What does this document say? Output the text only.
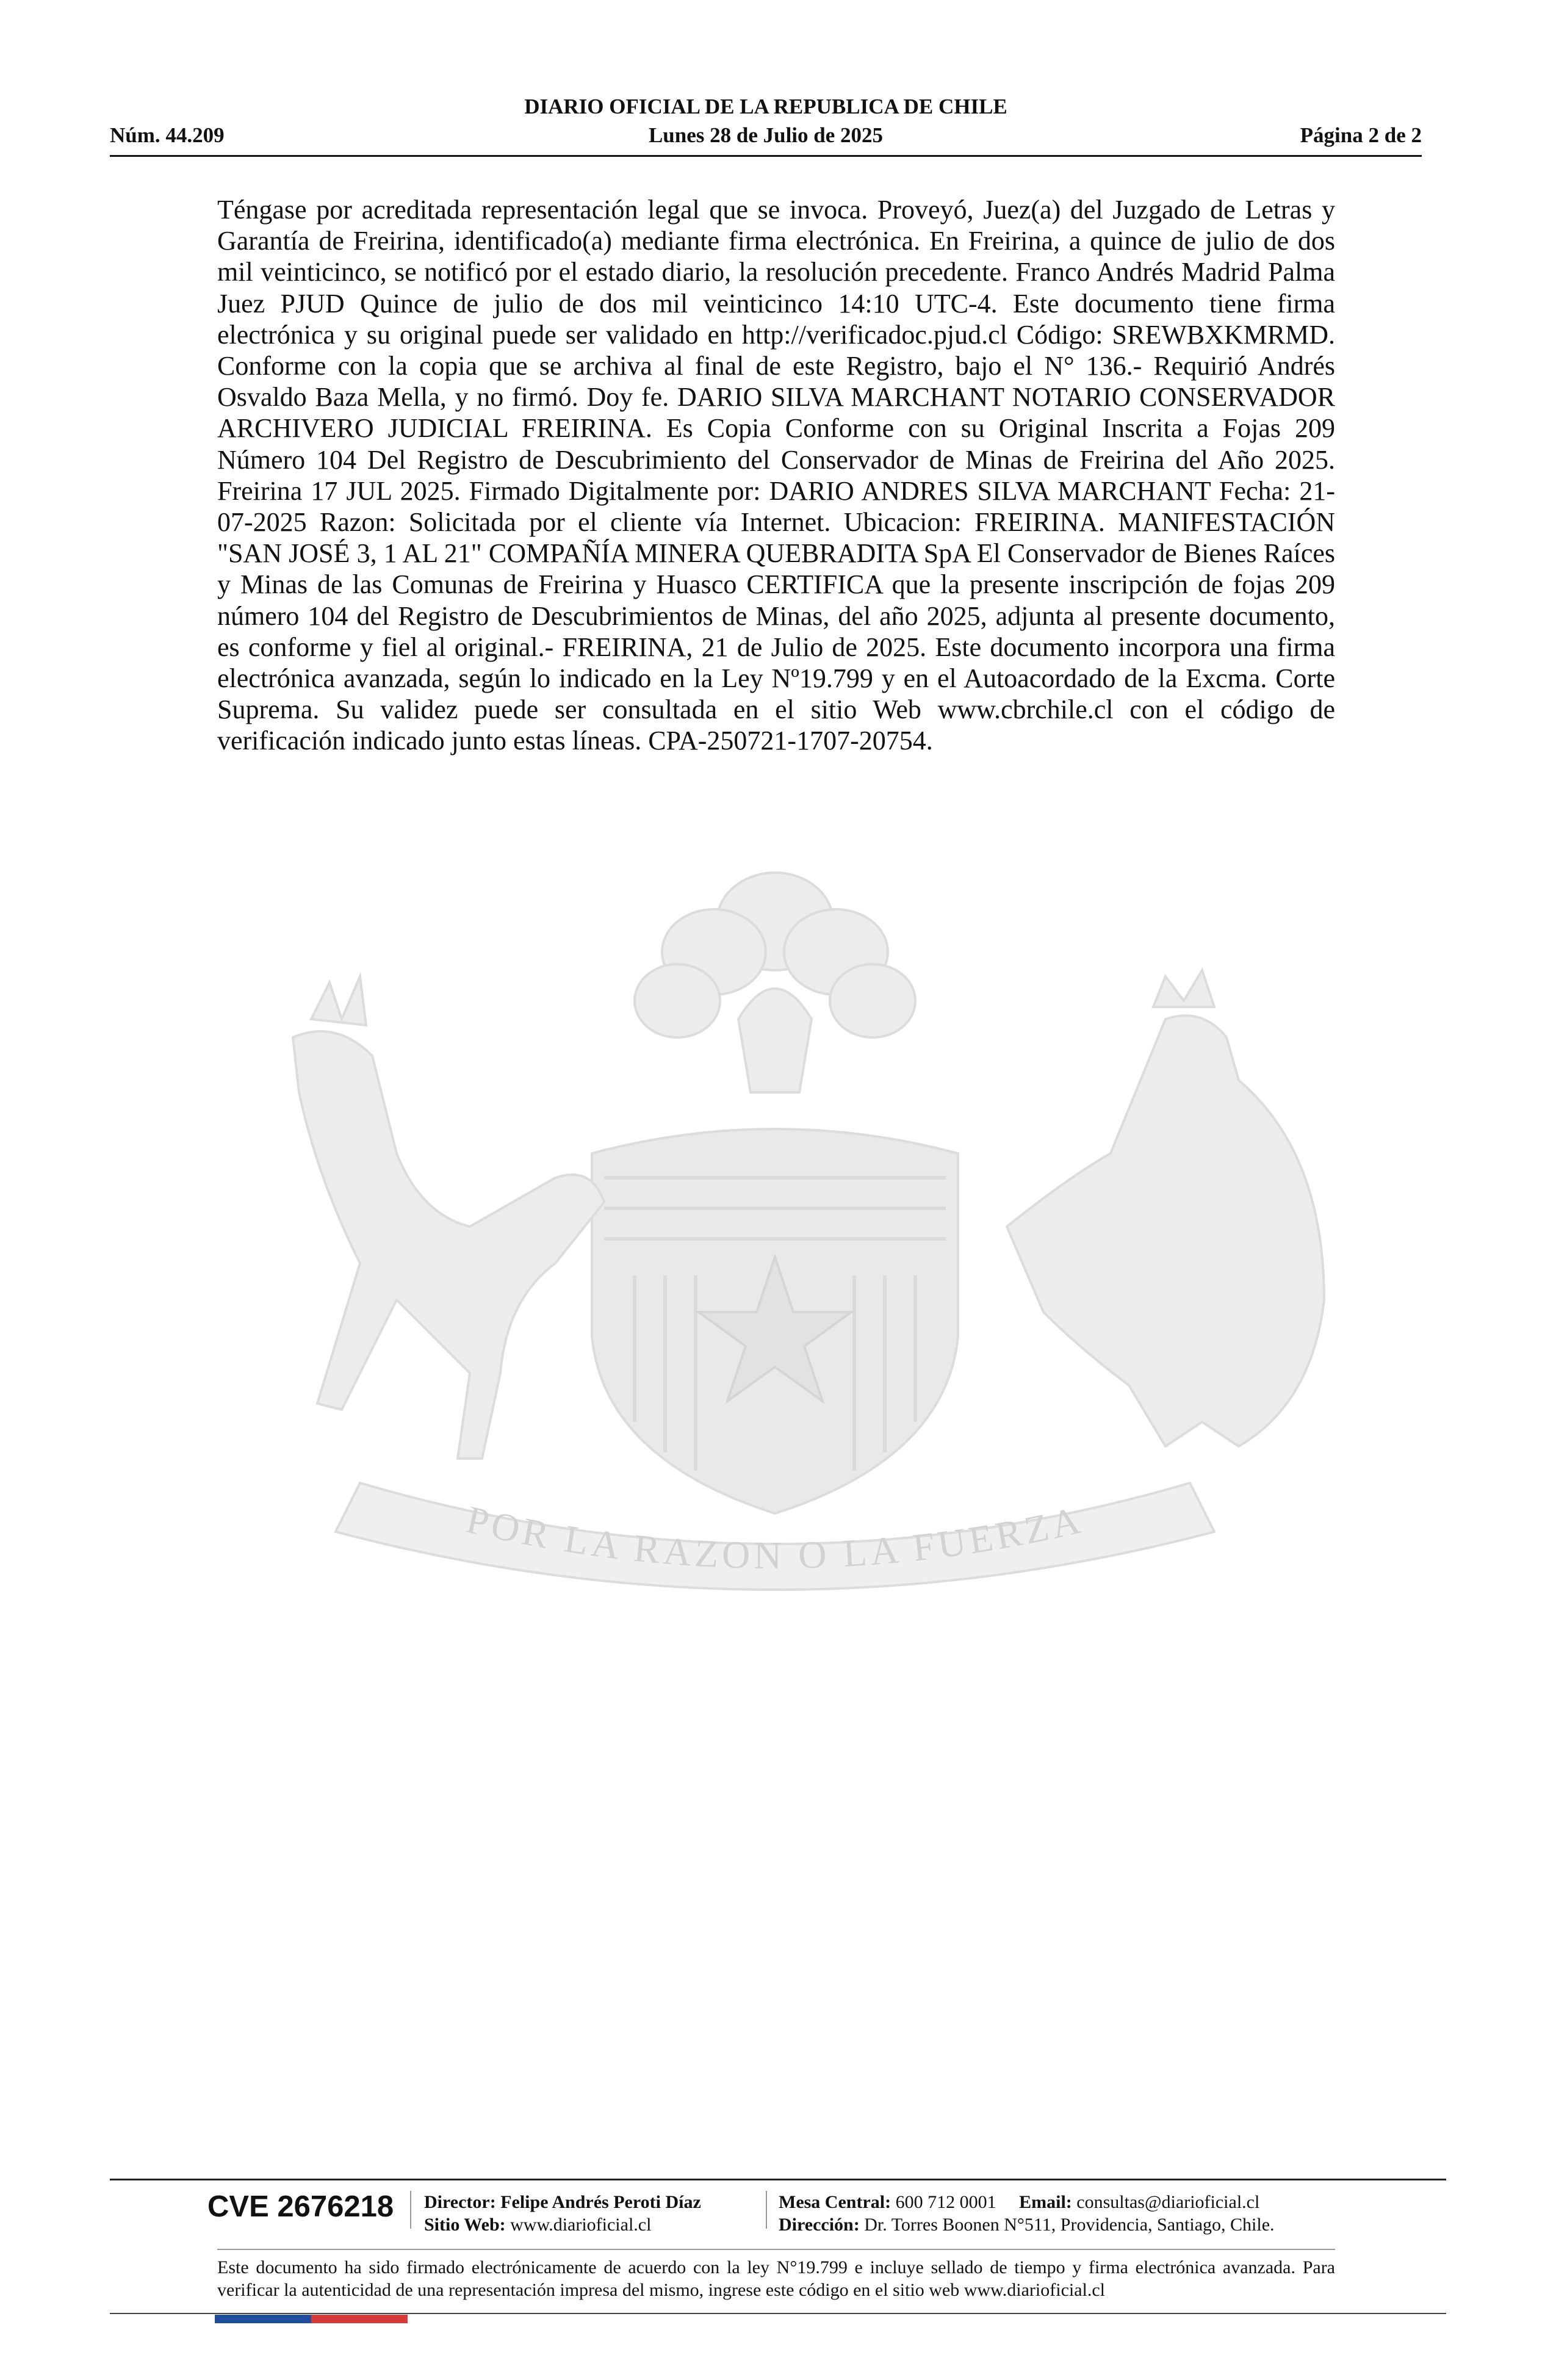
DIARIO OFICIAL DE LA REPUBLICA DE CHILE
Núm. 44.209	Lunes 28 de Julio de 2025	Página 2 de 2
POR LA RAZON O LA FUERZA
Téngase por acreditada representación legal que se invoca. Proveyó, Juez(a) del Juzgado de Letras y Garantía de Freirina, identificado(a) mediante firma electrónica. En Freirina, a quince de julio de dos mil veinticinco, se notificó por el estado diario, la resolución precedente. Franco Andrés Madrid Palma Juez PJUD Quince de julio de dos mil veinticinco 14:10 UTC-4. Este documento tiene firma electrónica y su original puede ser validado en http://verificadoc.pjud.cl Código: SREWBXKMRMD. Conforme con la copia que se archiva al final de este Registro, bajo el N° 136.- Requirió Andrés Osvaldo Baza Mella, y no firmó. Doy fe. DARIO SILVA MARCHANT NOTARIO CONSERVADOR ARCHIVERO JUDICIAL FREIRINA. Es Copia Conforme con su Original Inscrita a Fojas 209 Número 104 Del Registro de Descubrimiento del Conservador de Minas de Freirina del Año 2025. Freirina 17 JUL 2025. Firmado Digitalmente por: DARIO ANDRES SILVA MARCHANT Fecha: 21-07-2025 Razon: Solicitada por el cliente vía Internet. Ubicacion: FREIRINA. MANIFESTACIÓN "SAN JOSÉ 3, 1 AL 21" COMPAÑÍA MINERA QUEBRADITA SpA El Conservador de Bienes Raíces y Minas de las Comunas de Freirina y Huasco CERTIFICA que la presente inscripción de fojas 209 número 104 del Registro de Descubrimientos de Minas, del año 2025, adjunta al presente documento, es conforme y fiel al original.- FREIRINA, 21 de Julio de 2025. Este documento incorpora una firma electrónica avanzada, según lo indicado en la Ley Nº19.799 y en el Autoacordado de la Excma. Corte Suprema. Su validez puede ser consultada en el sitio Web www.cbrchile.cl con el código de verificación indicado junto estas líneas. CPA-250721-1707-20754.
CVE 2676218 Director: Felipe Andrés Peroti Díaz
Sitio Web: www.diarioficial.cl
Mesa Central: 600 712 0001 Email: consultas@diarioficial.cl
Dirección: Dr. Torres Boonen N°511, Providencia, Santiago, Chile.
Este documento ha sido firmado electrónicamente de acuerdo con la ley N°19.799 e incluye sellado de tiempo y firma electrónica avanzada. Para verificar la autenticidad de una representación impresa del mismo, ingrese este código en el sitio web www.diarioficial.cl
